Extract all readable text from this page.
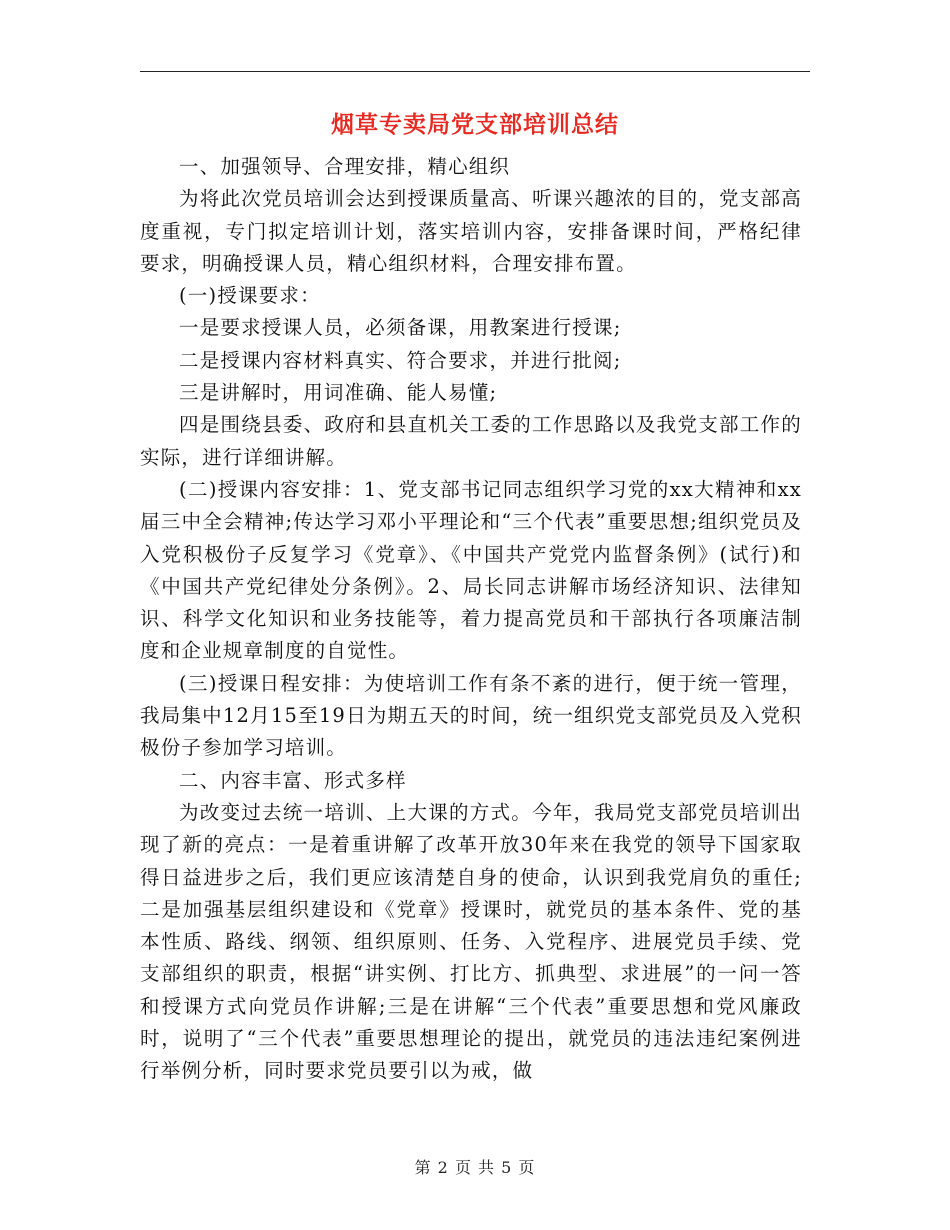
烟草专卖局党支部培训总结

一、加强领导、合理安排，精心组织

为将此次党员培训会达到授课质量高、听课兴趣浓的目的，党支部高度重视，专门拟定培训计划，落实培训内容，安排备课时间，严格纪律要求，明确授课人员，精心组织材料，合理安排布置。

(一)授课要求：

一是要求授课人员，必须备课，用教案进行授课;

二是授课内容材料真实、符合要求，并进行批阅;

三是讲解时，用词准确、能人易懂;

四是围绕县委、政府和县直机关工委的工作思路以及我党支部工作的实际，进行详细讲解。

(二)授课内容安排：1、党支部书记同志组织学习党的xx大精神和xx届三中全会精神;传达学习邓小平理论和“三个代表”重要思想;组织党员及入党积极份子反复学习《党章》、《中国共产党党内监督条例》(试行)和《中国共产党纪律处分条例》。2、局长同志讲解市场经济知识、法律知识、科学文化知识和业务技能等，着力提高党员和干部执行各项廉洁制度和企业规章制度的自觉性。

(三)授课日程安排：为使培训工作有条不紊的进行，便于统一管理，我局集中12月15至19日为期五天的时间，统一组织党支部党员及入党积极份子参加学习培训。

二、内容丰富、形式多样

为改变过去统一培训、上大课的方式。今年，我局党支部党员培训出现了新的亮点：一是着重讲解了改革开放30年来在我党的领导下国家取得日益进步之后，我们更应该清楚自身的使命，认识到我党肩负的重任;二是加强基层组织建设和《党章》授课时，就党员的基本条件、党的基本性质、路线、纲领、组织原则、任务、入党程序、进展党员手续、党支部组织的职责，根据“讲实例、打比方、抓典型、求进展”的一问一答和授课方式向党员作讲解;三是在讲解“三个代表”重要思想和党风廉政时，说明了“三个代表”重要思想理论的提出，就党员的违法违纪案例进行举例分析，同时要求党员要引以为戒，做

第 2 页 共 5 页
